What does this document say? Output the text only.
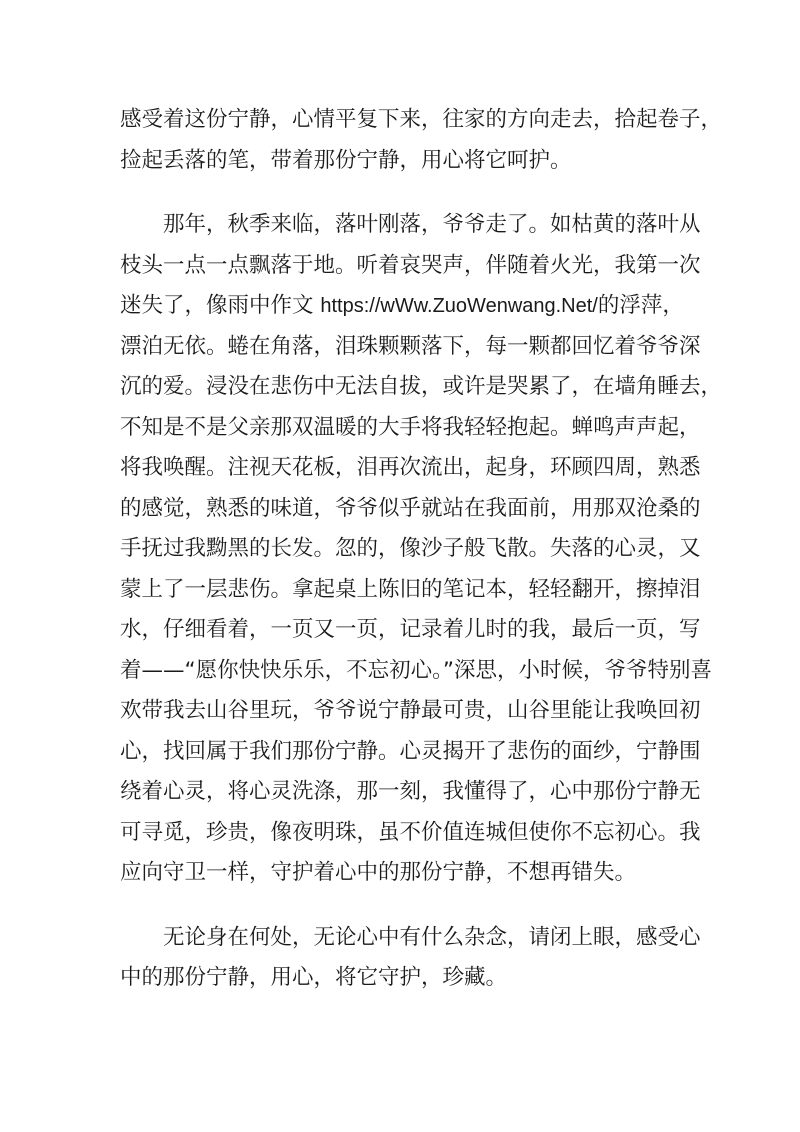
感受着这份宁静，心情平复下来，往家的方向走去，拾起卷子，
捡起丢落的笔，带着那份宁静，用心将它呵护。
那年，秋季来临，落叶刚落，爷爷走了。如枯黄的落叶从
枝头一点一点飘落于地。听着哀哭声，伴随着火光，我第一次
迷失了，像雨中作文 https://wWw.ZuoWenwang.Net/的浮萍，
漂泊无依。蜷在角落，泪珠颗颗落下，每一颗都回忆着爷爷深
沉的爱。浸没在悲伤中无法自拔，或许是哭累了，在墙角睡去，
不知是不是父亲那双温暖的大手将我轻轻抱起。蝉鸣声声起，
将我唤醒。注视天花板，泪再次流出，起身，环顾四周，熟悉
的感觉，熟悉的味道，爷爷似乎就站在我面前，用那双沧桑的
手抚过我黝黑的长发。忽的，像沙子般飞散。失落的心灵，又
蒙上了一层悲伤。拿起桌上陈旧的笔记本，轻轻翻开，擦掉泪
水，仔细看着，一页又一页，记录着儿时的我，最后一页，写
着——“愿你快快乐乐，不忘初心。”深思，小时候，爷爷特别喜
欢带我去山谷里玩，爷爷说宁静最可贵，山谷里能让我唤回初
心，找回属于我们那份宁静。心灵揭开了悲伤的面纱，宁静围
绕着心灵，将心灵洗涤，那一刻，我懂得了，心中那份宁静无
可寻觅，珍贵，像夜明珠，虽不价值连城但使你不忘初心。我
应向守卫一样，守护着心中的那份宁静，不想再错失。
无论身在何处，无论心中有什么杂念，请闭上眼，感受心
中的那份宁静，用心，将它守护，珍藏。
